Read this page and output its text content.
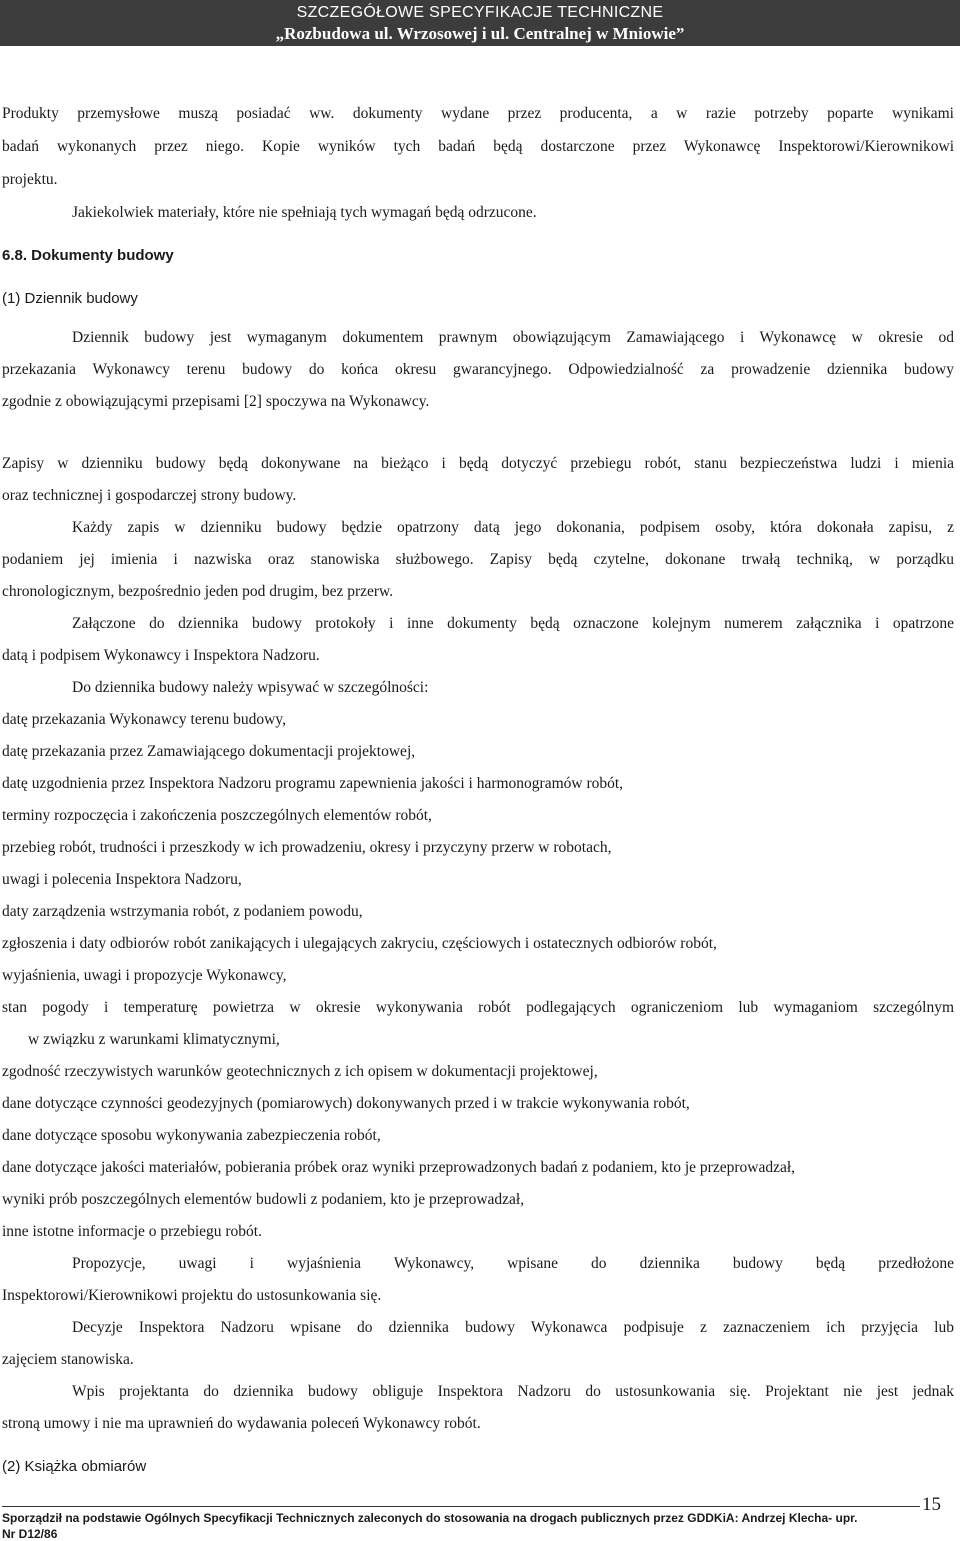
SZCZEGÓŁOWE SPECYFIKACJE TECHNICZNE
„Rozbudowa ul. Wrzosowej i ul. Centralnej w Mniowie”
Produkty przemysłowe muszą posiadać ww. dokumenty wydane przez producenta, a w razie potrzeby poparte wynikami
badań wykonanych przez niego. Kopie wyników tych badań będą dostarczone przez Wykonawcę Inspektorowi/Kierownikowi
projektu.
Jakiekolwiek materiały, które nie spełniają tych wymagań będą odrzucone.
6.8. Dokumenty budowy
(1) Dziennik budowy
Dziennik budowy jest wymaganym dokumentem prawnym obowiązującym Zamawiającego i Wykonawcę w okresie od
przekazania Wykonawcy terenu budowy do końca okresu gwarancyjnego. Odpowiedzialność za prowadzenie dziennika budowy
zgodnie z obowiązującymi przepisami [2] spoczywa na Wykonawcy.
Zapisy w dzienniku budowy będą dokonywane na bieżąco i będą dotyczyć przebiegu robót, stanu bezpieczeństwa ludzi i mienia
oraz technicznej i gospodarczej strony budowy.
Każdy zapis w dzienniku budowy będzie opatrzony datą jego dokonania, podpisem osoby, która dokonała zapisu, z
podaniem jej imienia i nazwiska oraz stanowiska służbowego. Zapisy będą czytelne, dokonane trwałą techniką, w porządku
chronologicznym, bezpośrednio jeden pod drugim, bez przerw.
Załączone do dziennika budowy protokoły i inne dokumenty będą oznaczone kolejnym numerem załącznika i opatrzone
datą i podpisem Wykonawcy i Inspektora Nadzoru.
Do dziennika budowy należy wpisywać w szczególności:
datę przekazania Wykonawcy terenu budowy,
datę przekazania przez Zamawiającego dokumentacji projektowej,
datę uzgodnienia przez Inspektora Nadzoru programu zapewnienia jakości i harmonogramów robót,
terminy rozpoczęcia i zakończenia poszczególnych elementów robót,
przebieg robót, trudności i przeszkody w ich prowadzeniu, okresy i przyczyny przerw w robotach,
uwagi i polecenia Inspektora Nadzoru,
daty zarządzenia wstrzymania robót, z podaniem powodu,
zgłoszenia i daty odbiorów robót zanikających i ulegających zakryciu, częściowych i ostatecznych odbiorów robót,
wyjaśnienia, uwagi i propozycje Wykonawcy,
stan pogody i temperaturę powietrza w okresie wykonywania robót podlegających ograniczeniom lub wymaganiom szczególnym
w związku z warunkami klimatycznymi,
zgodność rzeczywistych warunków geotechnicznych z ich opisem w dokumentacji projektowej,
dane dotyczące czynności geodezyjnych (pomiarowych) dokonywanych przed i w trakcie wykonywania robót,
dane dotyczące sposobu wykonywania zabezpieczenia robót,
dane dotyczące jakości materiałów, pobierania próbek oraz wyniki przeprowadzonych badań z podaniem, kto je przeprowadzał,
wyniki prób poszczególnych elementów budowli z podaniem, kto je przeprowadzał,
inne istotne informacje o przebiegu robót.
Propozycje, uwagi i wyjaśnienia Wykonawcy, wpisane do dziennika budowy będą przedłożone
Inspektorowi/Kierownikowi projektu do ustosunkowania się.
Decyzje Inspektora Nadzoru wpisane do dziennika budowy Wykonawca podpisuje z zaznaczeniem ich przyjęcia lub
zajęciem stanowiska.
Wpis projektanta do dziennika budowy obliguje Inspektora Nadzoru do ustosunkowania się. Projektant nie jest jednak
stroną umowy i nie ma uprawnień do wydawania poleceń Wykonawcy robót.
(2) Książka obmiarów
15
Sporządził na podstawie Ogólnych Specyfikacji Technicznych zaleconych do stosowania na drogach publicznych przez GDDKiA: Andrzej Klecha- upr.
Nr D12/86
